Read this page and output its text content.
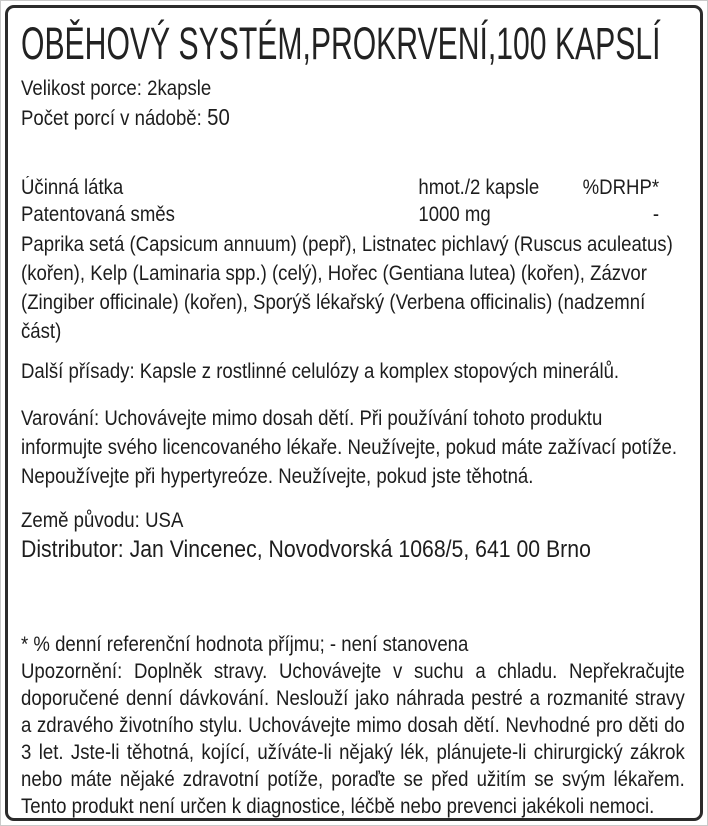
OBĚHOVÝ SYSTÉM,PROKRVENÍ,100 KAPSLÍ
Velikost porce: 2kapsle
Počet porcí v nádobě: 50
Účinná látka	hmot./2 kapsle	%DRHP*
Patentovaná směs	1000 mg	-
Paprika setá (Capsicum annuum) (pepř), Listnatec pichlavý (Ruscus aculeatus) (kořen), Kelp (Laminaria spp.) (celý), Hořec (Gentiana lutea) (kořen), Zázvor (Zingiber officinale) (kořen), Sporýš lékařský (Verbena officinalis) (nadzemní část)
Další přísady: Kapsle z rostlinné celulózy a komplex stopových minerálů.
Varování: Uchovávejte mimo dosah dětí. Při používání tohoto produktu informujte svého licencovaného lékaře. Neužívejte, pokud máte zažívací potíže. Nepoužívejte při hypertyreóze. Neužívejte, pokud jste těhotná.
Země původu: USA
Distributor: Jan Vincenec, Novodvorská 1068/5, 641 00 Brno
* % denní referenční hodnota příjmu; - není stanovena
Upozornění: Doplněk stravy. Uchovávejte v suchu a chladu. Nepřekračujte doporučené denní dávkování. Neslouží jako náhrada pestré a rozmanité stravy a zdravého životního stylu. Uchovávejte mimo dosah dětí. Nevhodné pro děti do 3 let. Jste-li těhotná, kojící, užíváte-li nějaký lék, plánujete-li chirurgický zákrok nebo máte nějaké zdravotní potíže, poraďte se před užitím se svým lékařem. Tento produkt není určen k diagnostice, léčbě nebo prevenci jakékoli nemoci.
